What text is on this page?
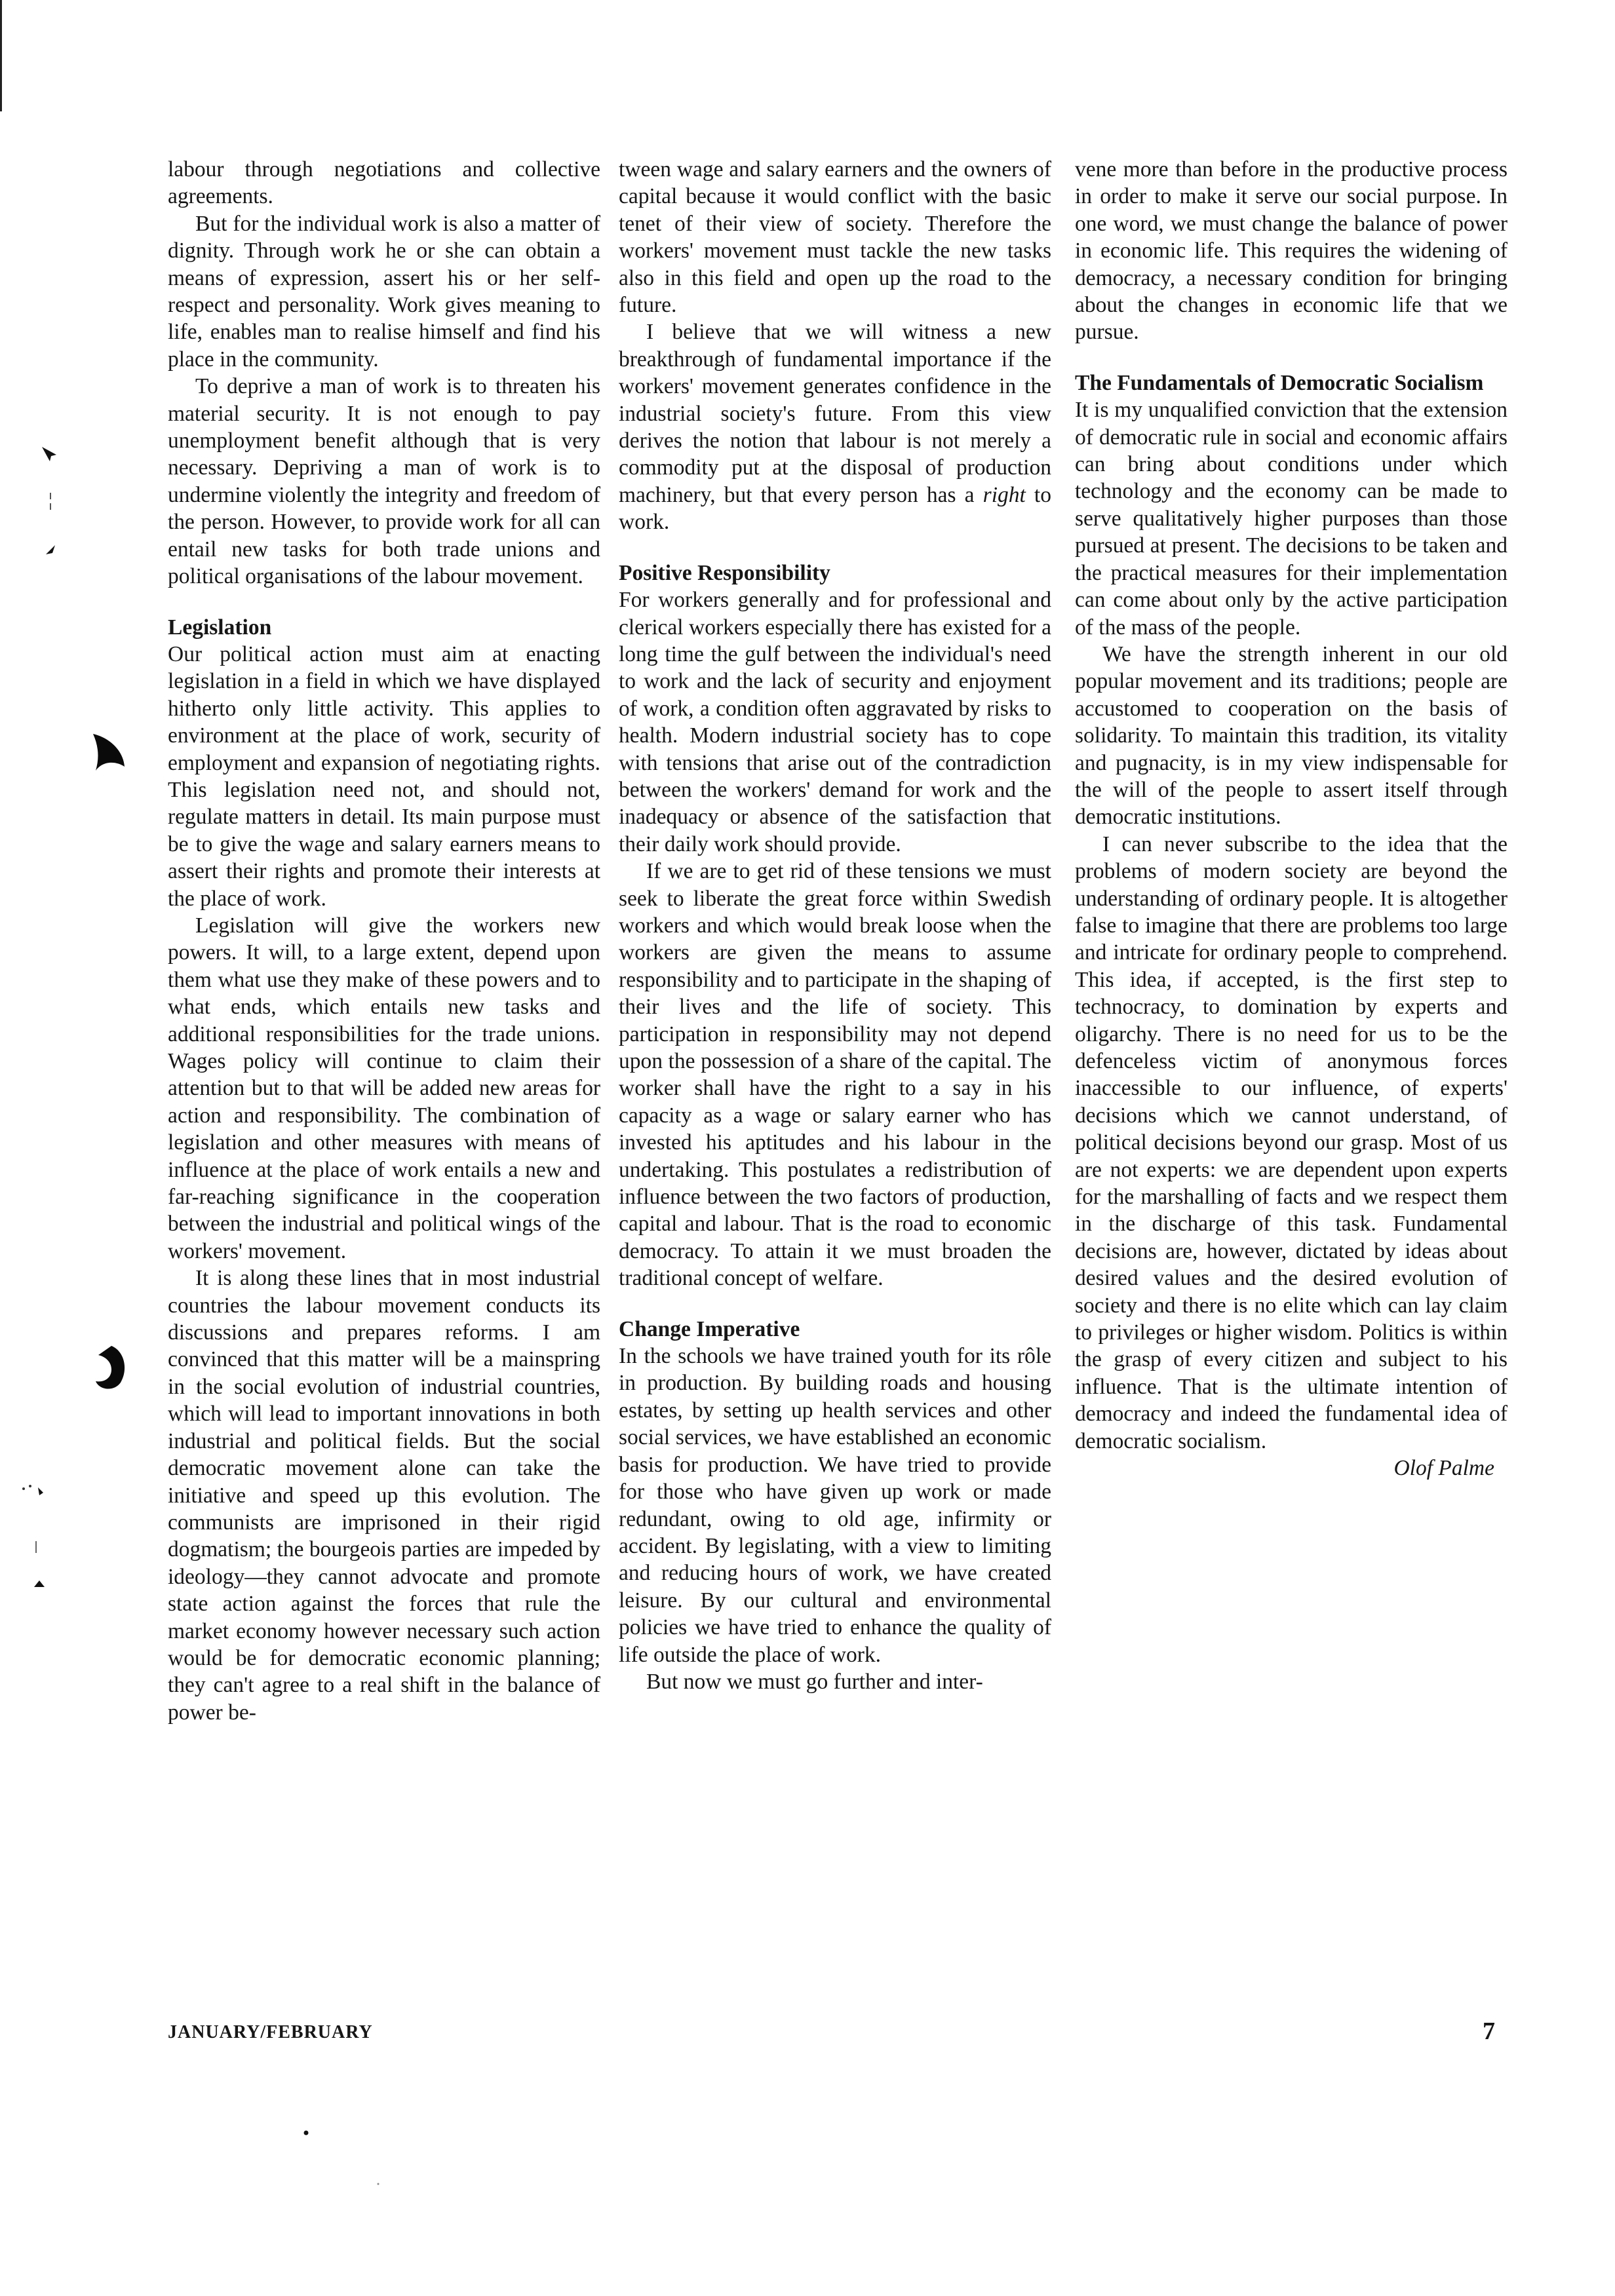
labour through negotiations and collective agreements.

But for the individual work is also a matter of dignity. Through work he or she can obtain a means of expression, assert his or her self-respect and personality. Work gives meaning to life, enables man to realise himself and find his place in the community.

To deprive a man of work is to threaten his material security. It is not enough to pay unemployment benefit although that is very necessary. Depriving a man of work is to undermine violently the integrity and freedom of the person. However, to provide work for all can entail new tasks for both trade unions and political organisations of the labour movement.

Legislation

Our political action must aim at enacting legislation in a field in which we have displayed hitherto only little activity. This applies to environment at the place of work, security of employment and expansion of negotiating rights. This legislation need not, and should not, regulate matters in detail. Its main purpose must be to give the wage and salary earners means to assert their rights and promote their interests at the place of work.

Legislation will give the workers new powers. It will, to a large extent, depend upon them what use they make of these powers and to what ends, which entails new tasks and additional responsibilities for the trade unions. Wages policy will continue to claim their attention but to that will be added new areas for action and responsibility. The combination of legislation and other measures with means of influence at the place of work entails a new and far-reaching significance in the cooperation between the industrial and political wings of the workers' movement.

It is along these lines that in most industrial countries the labour movement conducts its discussions and prepares reforms. I am convinced that this matter will be a mainspring in the social evolution of industrial countries, which will lead to important innovations in both industrial and political fields. But the social democratic movement alone can take the initiative and speed up this evolution. The communists are imprisoned in their rigid dogmatism; the bourgeois parties are impeded by ideology—they cannot advocate and promote state action against the forces that rule the market economy however necessary such action would be for democratic economic planning; they can't agree to a real shift in the balance of power be-

tween wage and salary earners and the owners of capital because it would conflict with the basic tenet of their view of society. Therefore the workers' movement must tackle the new tasks also in this field and open up the road to the future.

I believe that we will witness a new breakthrough of fundamental importance if the workers' movement generates confidence in the industrial society's future. From this view derives the notion that labour is not merely a commodity put at the disposal of production machinery, but that every person has a right to work.

Positive Responsibility

For workers generally and for professional and clerical workers especially there has existed for a long time the gulf between the individual's need to work and the lack of security and enjoyment of work, a condition often aggravated by risks to health. Modern industrial society has to cope with tensions that arise out of the contradiction between the workers' demand for work and the inadequacy or absence of the satisfaction that their daily work should provide.

If we are to get rid of these tensions we must seek to liberate the great force within Swedish workers and which would break loose when the workers are given the means to assume responsibility and to participate in the shaping of their lives and the life of society. This participation in responsibility may not depend upon the possession of a share of the capital. The worker shall have the right to a say in his capacity as a wage or salary earner who has invested his aptitudes and his labour in the undertaking. This postulates a redistribution of influence between the two factors of production, capital and labour. That is the road to economic democracy. To attain it we must broaden the traditional concept of welfare.

Change Imperative

In the schools we have trained youth for its rôle in production. By building roads and housing estates, by setting up health services and other social services, we have established an economic basis for production. We have tried to provide for those who have given up work or made redundant, owing to old age, infirmity or accident. By legislating, with a view to limiting and reducing hours of work, we have created leisure. By our cultural and environmental policies we have tried to enhance the quality of life outside the place of work.

But now we must go further and inter-

vene more than before in the productive process in order to make it serve our social purpose. In one word, we must change the balance of power in economic life. This requires the widening of democracy, a necessary condition for bringing about the changes in economic life that we pursue.

The Fundamentals of Democratic Socialism

It is my unqualified conviction that the extension of democratic rule in social and economic affairs can bring about conditions under which technology and the economy can be made to serve qualitatively higher purposes than those pursued at present. The decisions to be taken and the practical measures for their implementation can come about only by the active participation of the mass of the people.

We have the strength inherent in our old popular movement and its traditions; people are accustomed to cooperation on the basis of solidarity. To maintain this tradition, its vitality and pugnacity, is in my view indispensable for the will of the people to assert itself through democratic institutions.

I can never subscribe to the idea that the problems of modern society are beyond the understanding of ordinary people. It is altogether false to imagine that there are problems too large and intricate for ordinary people to comprehend. This idea, if accepted, is the first step to technocracy, to domination by experts and oligarchy. There is no need for us to be the defenceless victim of anonymous forces inaccessible to our influence, of experts' decisions which we cannot understand, of political decisions beyond our grasp. Most of us are not experts: we are dependent upon experts for the marshalling of facts and we respect them in the discharge of this task. Fundamental decisions are, however, dictated by ideas about desired values and the desired evolution of society and there is no elite which can lay claim to privileges or higher wisdom. Politics is within the grasp of every citizen and subject to his influence. That is the ultimate intention of democracy and indeed the fundamental idea of democratic socialism.

Olof Palme

JANUARY/FEBRUARY	7
